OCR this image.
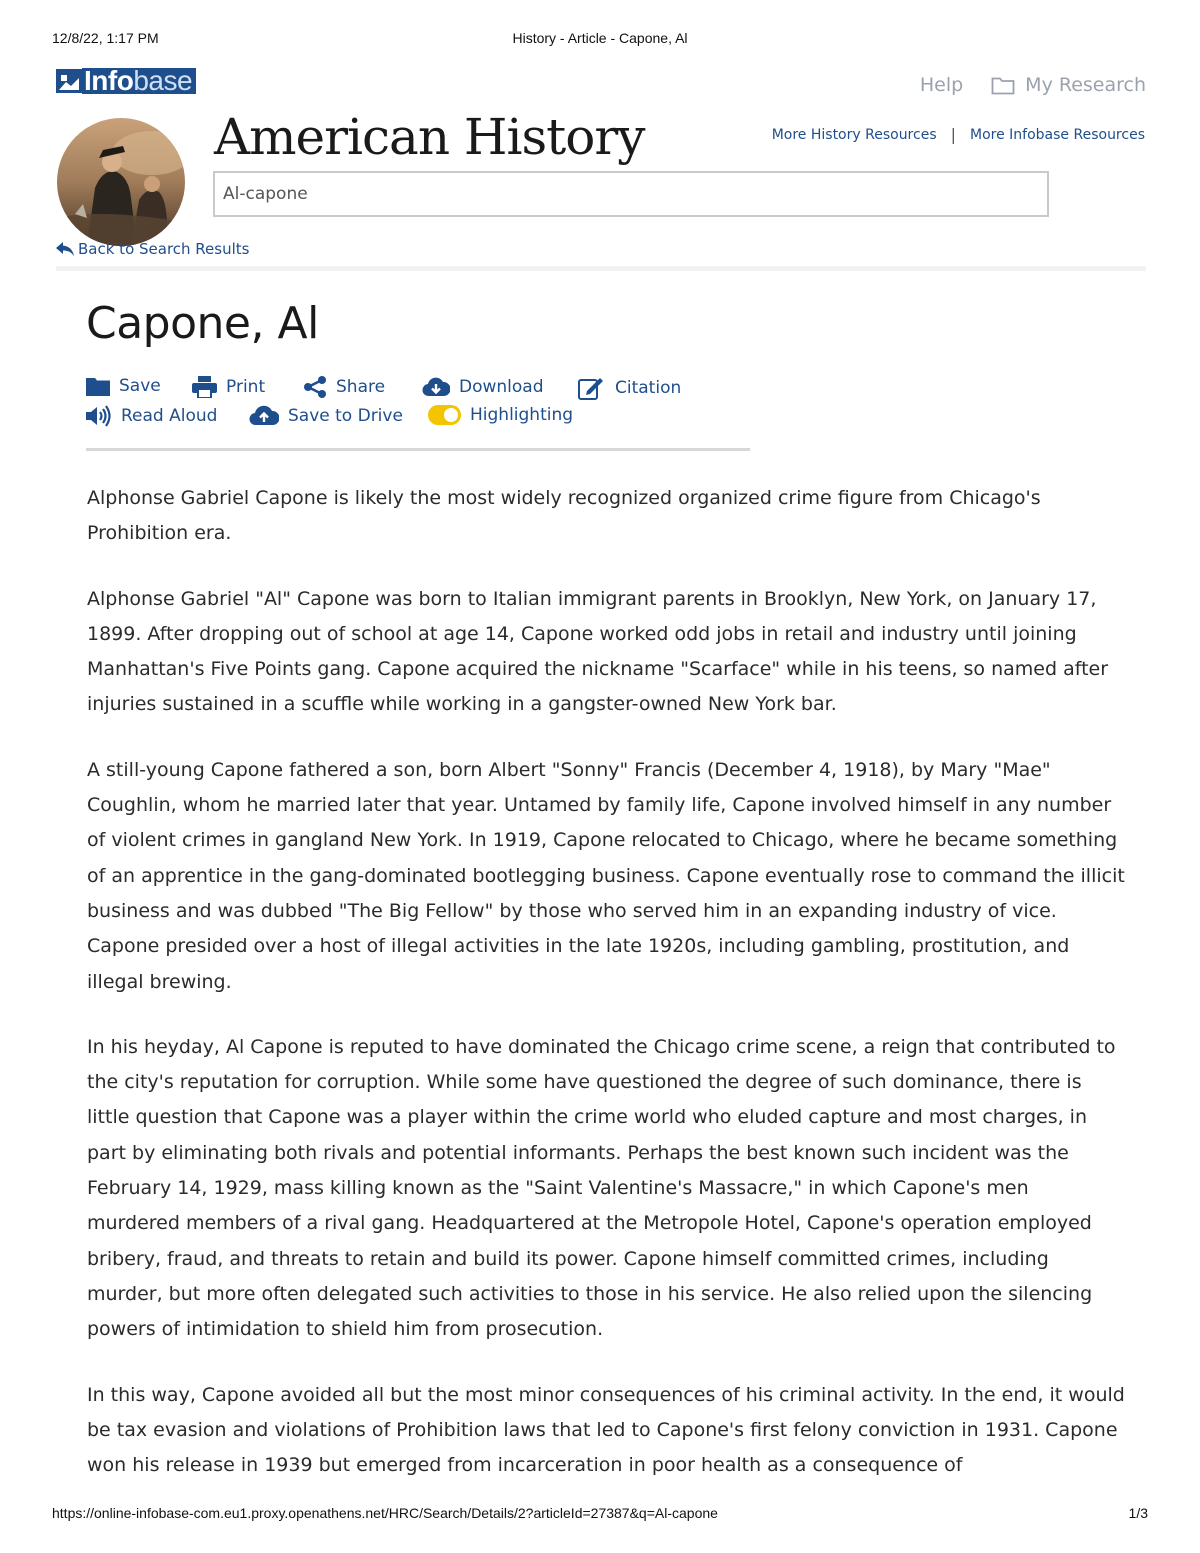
12/8/22, 1:17 PM	History - Article - Capone, Al
Infobase	Help	My Research
American History	More History Resources | More Infobase Resources
Al-capone
Back to Search Results
Capone, Al
Save	Print	Share	Download	Citation
Read Aloud	Save to Drive	Highlighting

Alphonse Gabriel Capone is likely the most widely recognized organized crime figure from Chicago's Prohibition era.

Alphonse Gabriel "Al" Capone was born to Italian immigrant parents in Brooklyn, New York, on January 17, 1899. After dropping out of school at age 14, Capone worked odd jobs in retail and industry until joining Manhattan's Five Points gang. Capone acquired the nickname "Scarface" while in his teens, so named after injuries sustained in a scuffle while working in a gangster-owned New York bar.

A still-young Capone fathered a son, born Albert "Sonny" Francis (December 4, 1918), by Mary "Mae" Coughlin, whom he married later that year. Untamed by family life, Capone involved himself in any number of violent crimes in gangland New York. In 1919, Capone relocated to Chicago, where he became something of an apprentice in the gang-dominated bootlegging business. Capone eventually rose to command the illicit business and was dubbed "The Big Fellow" by those who served him in an expanding industry of vice. Capone presided over a host of illegal activities in the late 1920s, including gambling, prostitution, and illegal brewing.

In his heyday, Al Capone is reputed to have dominated the Chicago crime scene, a reign that contributed to the city's reputation for corruption. While some have questioned the degree of such dominance, there is little question that Capone was a player within the crime world who eluded capture and most charges, in part by eliminating both rivals and potential informants. Perhaps the best known such incident was the February 14, 1929, mass killing known as the "Saint Valentine's Massacre," in which Capone's men murdered members of a rival gang. Headquartered at the Metropole Hotel, Capone's operation employed bribery, fraud, and threats to retain and build its power. Capone himself committed crimes, including murder, but more often delegated such activities to those in his service. He also relied upon the silencing powers of intimidation to shield him from prosecution.

In this way, Capone avoided all but the most minor consequences of his criminal activity. In the end, it would be tax evasion and violations of Prohibition laws that led to Capone's first felony conviction in 1931. Capone won his release in 1939 but emerged from incarceration in poor health as a consequence of

https://online-infobase-com.eu1.proxy.openathens.net/HRC/Search/Details/2?articleId=27387&q=Al-capone	1/3
